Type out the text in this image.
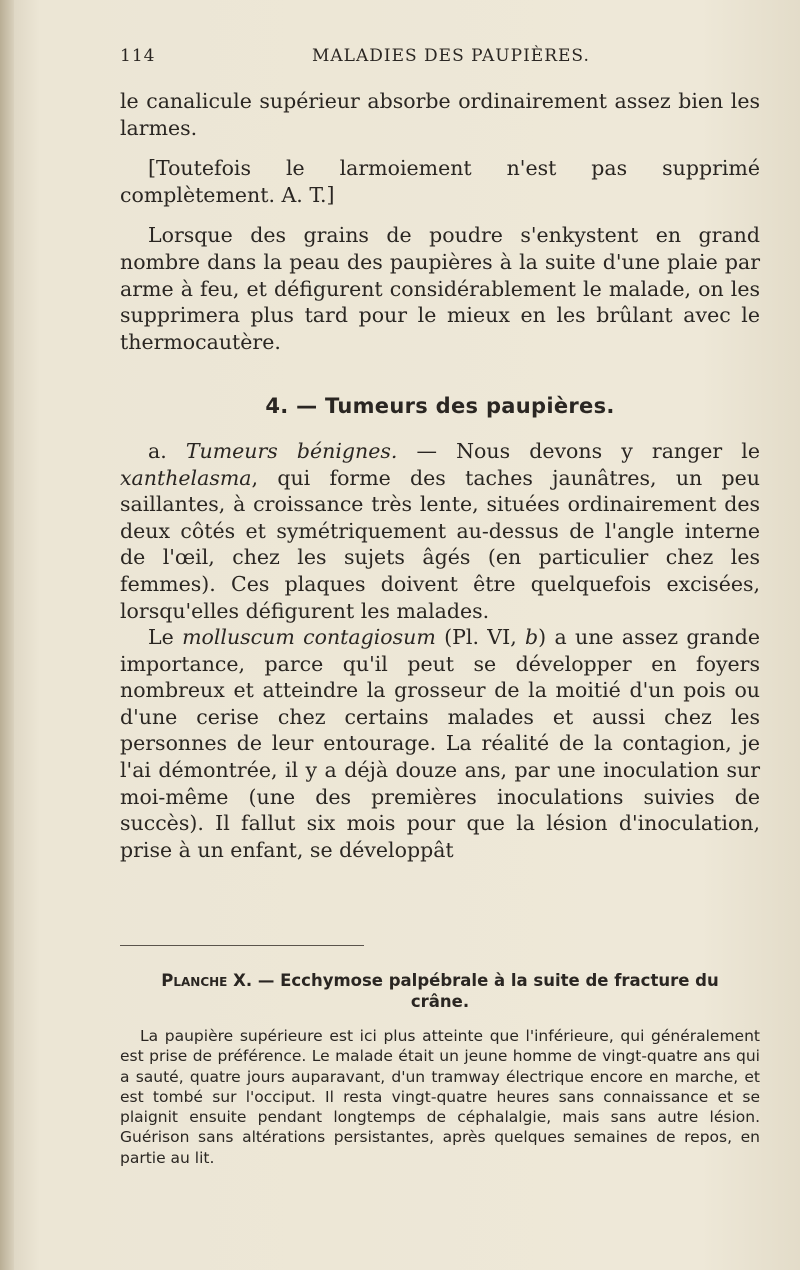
114	MALADIES DES PAUPIÈRES.

le canalicule supérieur absorbe ordinairement assez bien les larmes.

[Toutefois le larmoiement n'est pas supprimé complètement. A. T.]

Lorsque des grains de poudre s'enkystent en grand nombre dans la peau des paupières à la suite d'une plaie par arme à feu, et défigurent considérablement le malade, on les supprimera plus tard pour le mieux en les brûlant avec le thermocautère.

4. — Tumeurs des paupières.

a. Tumeurs bénignes. — Nous devons y ranger le xanthelasma, qui forme des taches jaunâtres, un peu saillantes, à croissance très lente, situées ordinairement des deux côtés et symétriquement au-dessus de l'angle interne de l'œil, chez les sujets âgés (en particulier chez les femmes). Ces plaques doivent être quelquefois excisées, lorsqu'elles défigurent les malades.

Le molluscum contagiosum (Pl. VI, b) a une assez grande importance, parce qu'il peut se développer en foyers nombreux et atteindre la grosseur de la moitié d'un pois ou d'une cerise chez certains malades et aussi chez les personnes de leur entourage. La réalité de la contagion, je l'ai démontrée, il y a déjà douze ans, par une inoculation sur moi-même (une des premières inoculations suivies de succès). Il fallut six mois pour que la lésion d'inoculation, prise à un enfant, se développât

Planche X. — Ecchymose palpébrale à la suite de fracture du crâne.
La paupière supérieure est ici plus atteinte que l'inférieure, qui généralement est prise de préférence. Le malade était un jeune homme de vingt-quatre ans qui a sauté, quatre jours auparavant, d'un tramway électrique encore en marche, et est tombé sur l'occiput. Il resta vingt-quatre heures sans connaissance et se plaignit ensuite pendant longtemps de céphalalgie, mais sans autre lésion. Guérison sans altérations persistantes, après quelques semaines de repos, en partie au lit.
